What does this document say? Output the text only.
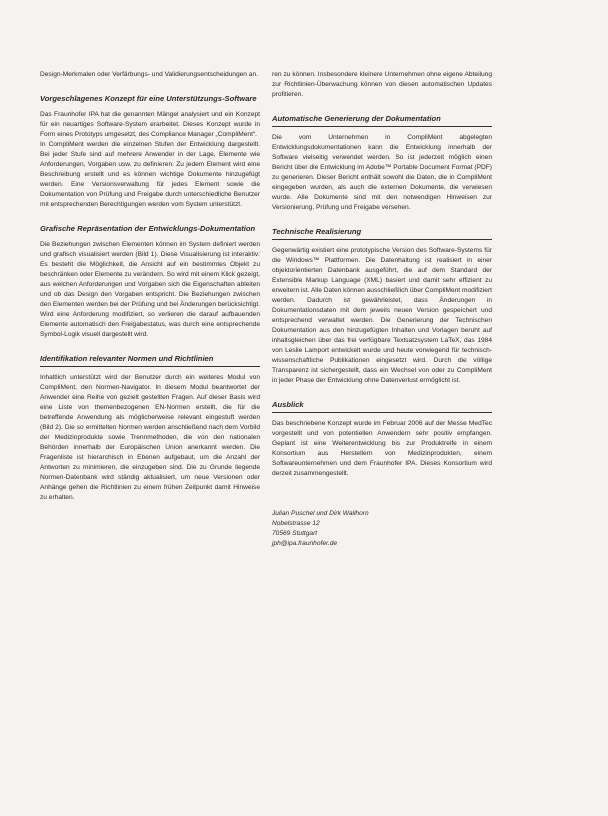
Design-Merkmalen oder Verfärbungs- und Validierungsentscheidungen an.

Vorgeschlagenes Konzept für eine Unterstützungs-Software

Das Fraunhofer IPA hat die genannten Mängel analysiert und ein Konzept für ein neuartiges Software-System erarbeitet. Dieses Konzept wurde in Form eines Prototyps umgesetzt, des Compliance Manager „CompliMent“.

In CompliMent werden die einzelnen Stufen der Entwicklung dargestellt. Bei jeder Stufe sind auf mehrere Anwender in der Lage, Elemente wie Anforderungen, Vorgaben usw. zu definieren. Zu jedem Element wird eine Beschreibung erstellt und es können wichtige Dokumente hinzugefügt werden. Eine Versionsverwaltung für jedes Element sowie die Dokumentation von Prüfung und Freigabe durch unterschiedliche Benutzer mit entsprechenden Berechtigungen werden vom System unterstützt.

Grafische Repräsentation der Entwicklungs-Dokumentation

Die Beziehungen zwischen Elementen können im System definiert werden und grafisch visualisiert werden (Bild 1). Diese Visualisierung ist interaktiv: Es besteht die Möglichkeit, die Ansicht auf ein bestimmtes Objekt zu beschränken oder Elemente zu verändern. So wird mit einem Klick gezeigt, aus welchen Anforderungen und Vorgaben sich die Eigenschaften ableiten und ob das Design den Vorgaben entspricht. Die Beziehungen zwischen den Elementen werden bei der Prüfung und bei Änderungen berücksichtigt. Wird eine Anforderung modifiziert, so verlieren die darauf aufbauenden Elemente automatisch den Freigabestatus, was durch eine entsprechende Symbol-Logik visuell dargestellt wird.

Identifikation relevanter Normen und Richtlinien

Inhaltlich unterstützt wird der Benutzer durch ein weiteres Modul von CompliMent, den Normen-Navigator. In diesem Modul beantwortet der Anwender eine Reihe von gezielt gestellten Fragen. Auf dieser Basis wird eine Liste von themenbezogenen EN-Normen erstellt, die für die betreffende Anwendung als möglicherweise relevant eingestuft werden (Bild 2). Die so ermittelten Normen werden anschließend nach dem Vorbild der Medizinprodukte sowie Trennmethoden, die von den nationalen Behörden innerhalb der Europäischen Union anerkannt werden. Die Fragenliste ist hierarchisch in Ebenen aufgebaut, um die Anzahl der Antworten zu minimieren, die einzugeben sind. Die zu Grunde liegende Normen-Datenbank wird ständig aktualisiert, um neue Versionen oder Anhänge gehen die Richtlinien zu einem frühen Zeitpunkt damit Hinweise zu erhalten.

ren zu können. Insbesondere kleinere Unternehmen ohne eigene Abteilung zur Richtlinien-Überwachung können von diesen automatischen Updates profitieren.

Automatische Generierung der Dokumentation

Die vom Unternehmen in CompliMent abgelegten Entwicklungsdokumentationen kann die Entwicklung innerhalb der Software vielseitig verwendet werden. So ist jederzeit möglich einen Bericht über die Entwicklung im Adobe™ Portable Document Format (PDF) zu generieren. Dieser Bericht enthält sowohl die Daten, die in CompliMent eingegeben wurden, als auch die externen Dokumente, die verwiesen wurde. Alle Dokumente sind mit den notwendigen Hinweisen zur Versionierung, Prüfung und Freigabe versehen.

Technische Realisierung

Gegenwärtig existiert eine prototypische Version des Software-Systems für die Windows™ Plattformen. Die Datenhaltung ist realisiert in einer objektorientierten Datenbank ausgeführt, die auf dem Standard der Extensible Markup Language (XML) basiert und damit sehr effizient zu erweitern ist. Alle Daten können ausschließlich über CompliMent modifiziert werden. Dadurch ist gewährleistet, dass Änderungen in Dokumentationsdaten mit dem jeweils neuen Version gespeichert und entsprechend verwaltet werden. Die Generierung der Technischen Dokumentation aus den hinzugefügten Inhalten und Vorlagen beruht auf inhaltsgleichen über das frei verfügbare Textsatzsystem LaTeX, das 1984 von Leslie Lamport entwickelt wurde und heute vorwiegend für technisch-wissenschaftliche Publikationen eingesetzt wird. Durch die völlige Transparenz ist sichergestellt, dass ein Wechsel von oder zu CompliMent in jeder Phase der Entwicklung ohne Datenverlust ermöglicht ist.

Ausblick

Das beschriebene Konzept wurde im Februar 2006 auf der Messe MedTec vorgestellt und von potentiellen Anwendern sehr positiv empfangen. Geplant ist eine Weiterentwicklung bis zur Produktreife in einem Konsortium aus Herstellern von Medizinprodukten, einem Softwareunternehmen und dem Fraunhofer IPA. Dieses Konsortium wird derzeit zusammengestellt.

Julian Puschel und Dirk Wallhorn
Nobelstrasse 12
70569 Stuttgart
jph@ipa.fraunhofer.de
